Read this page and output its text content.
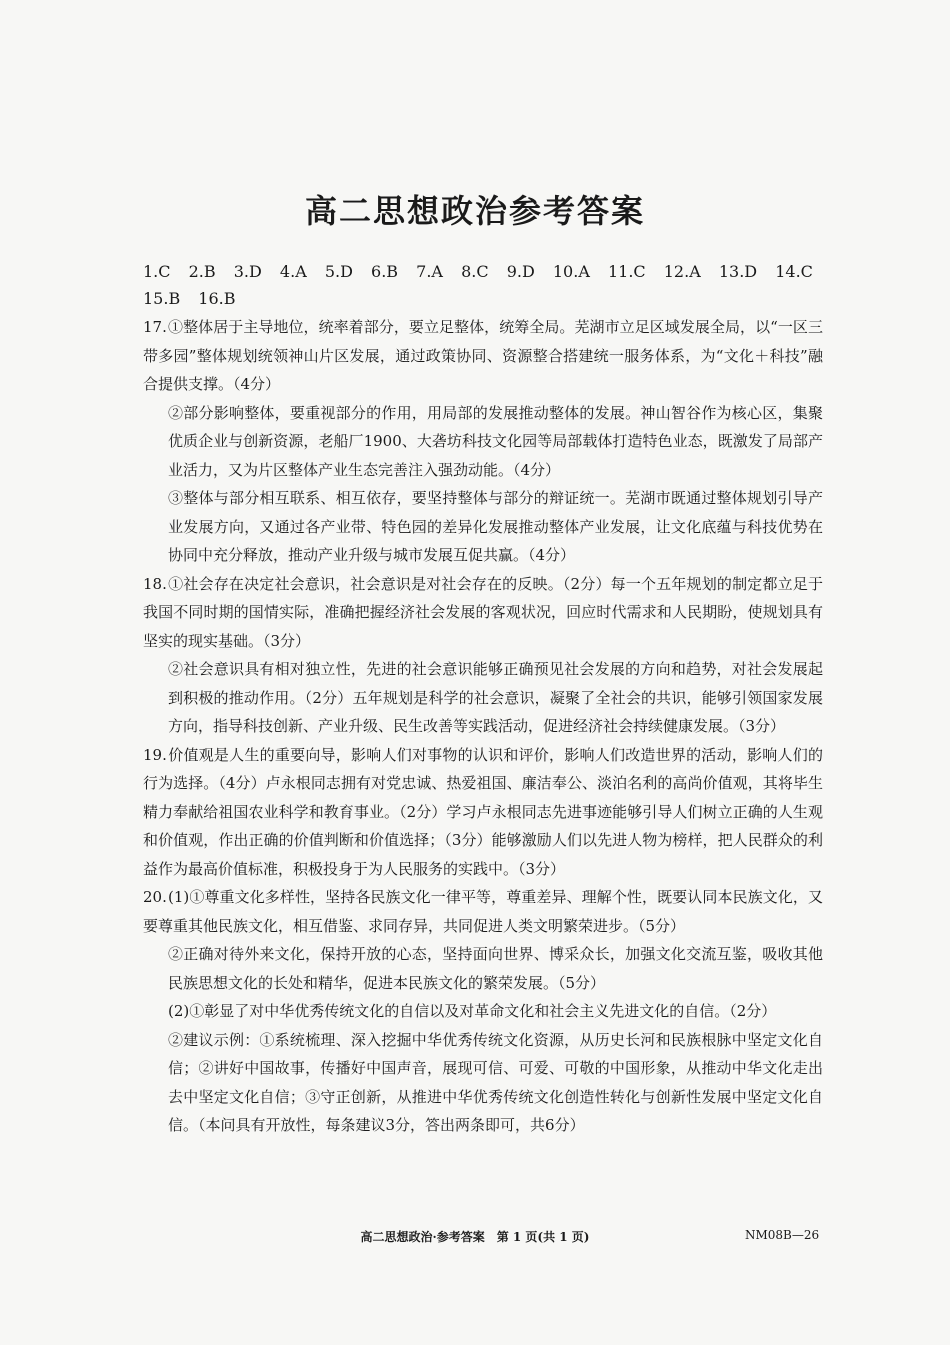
高二思想政治参考答案
1.C 2.B 3.D 4.A 5.D 6.B 7.A 8.C 9.D 10.A 11.C 12.A 13.D 14.C
15.B 16.B

17.①整体居于主导地位，统率着部分，要立足整体，统筹全局。芜湖市立足区域发展全局，以“一区三带多园”整体规划统领神山片区发展，通过政策协同、资源整合搭建统一服务体系，为“文化＋科技”融合提供支撑。（4分）

②部分影响整体，要重视部分的作用，用局部的发展推动整体的发展。神山智谷作为核心区，集聚优质企业与创新资源，老船厂1900、大砻坊科技文化园等局部载体打造特色业态，既激发了局部产业活力，又为片区整体产业生态完善注入强劲动能。（4分）

③整体与部分相互联系、相互依存，要坚持整体与部分的辩证统一。芜湖市既通过整体规划引导产业发展方向，又通过各产业带、特色园的差异化发展推动整体产业发展，让文化底蕴与科技优势在协同中充分释放，推动产业升级与城市发展互促共赢。（4分）

18.①社会存在决定社会意识，社会意识是对社会存在的反映。（2分）每一个五年规划的制定都立足于我国不同时期的国情实际，准确把握经济社会发展的客观状况，回应时代需求和人民期盼，使规划具有坚实的现实基础。（3分）

②社会意识具有相对独立性，先进的社会意识能够正确预见社会发展的方向和趋势，对社会发展起到积极的推动作用。（2分）五年规划是科学的社会意识，凝聚了全社会的共识，能够引领国家发展方向，指导科技创新、产业升级、民生改善等实践活动，促进经济社会持续健康发展。（3分）

19.价值观是人生的重要向导，影响人们对事物的认识和评价，影响人们改造世界的活动，影响人们的行为选择。（4分）卢永根同志拥有对党忠诚、热爱祖国、廉洁奉公、淡泊名利的高尚价值观，其将毕生精力奉献给祖国农业科学和教育事业。（2分）学习卢永根同志先进事迹能够引导人们树立正确的人生观和价值观，作出正确的价值判断和价值选择；（3分）能够激励人们以先进人物为榜样，把人民群众的利益作为最高价值标准，积极投身于为人民服务的实践中。（3分）

20.(1)①尊重文化多样性，坚持各民族文化一律平等，尊重差异、理解个性，既要认同本民族文化，又要尊重其他民族文化，相互借鉴、求同存异，共同促进人类文明繁荣进步。（5分）

②正确对待外来文化，保持开放的心态，坚持面向世界、博采众长，加强文化交流互鉴，吸收其他民族思想文化的长处和精华，促进本民族文化的繁荣发展。（5分）

(2)①彰显了对中华优秀传统文化的自信以及对革命文化和社会主义先进文化的自信。（2分）

②建议示例：①系统梳理、深入挖掘中华优秀传统文化资源，从历史长河和民族根脉中坚定文化自信；②讲好中国故事，传播好中国声音，展现可信、可爱、可敬的中国形象，从推动中华文化走出去中坚定文化自信；③守正创新，从推进中华优秀传统文化创造性转化与创新性发展中坚定文化自信。（本问具有开放性，每条建议3分，答出两条即可，共6分）

高二思想政治·参考答案　第 1 页(共 1 页)	NM08B—26
